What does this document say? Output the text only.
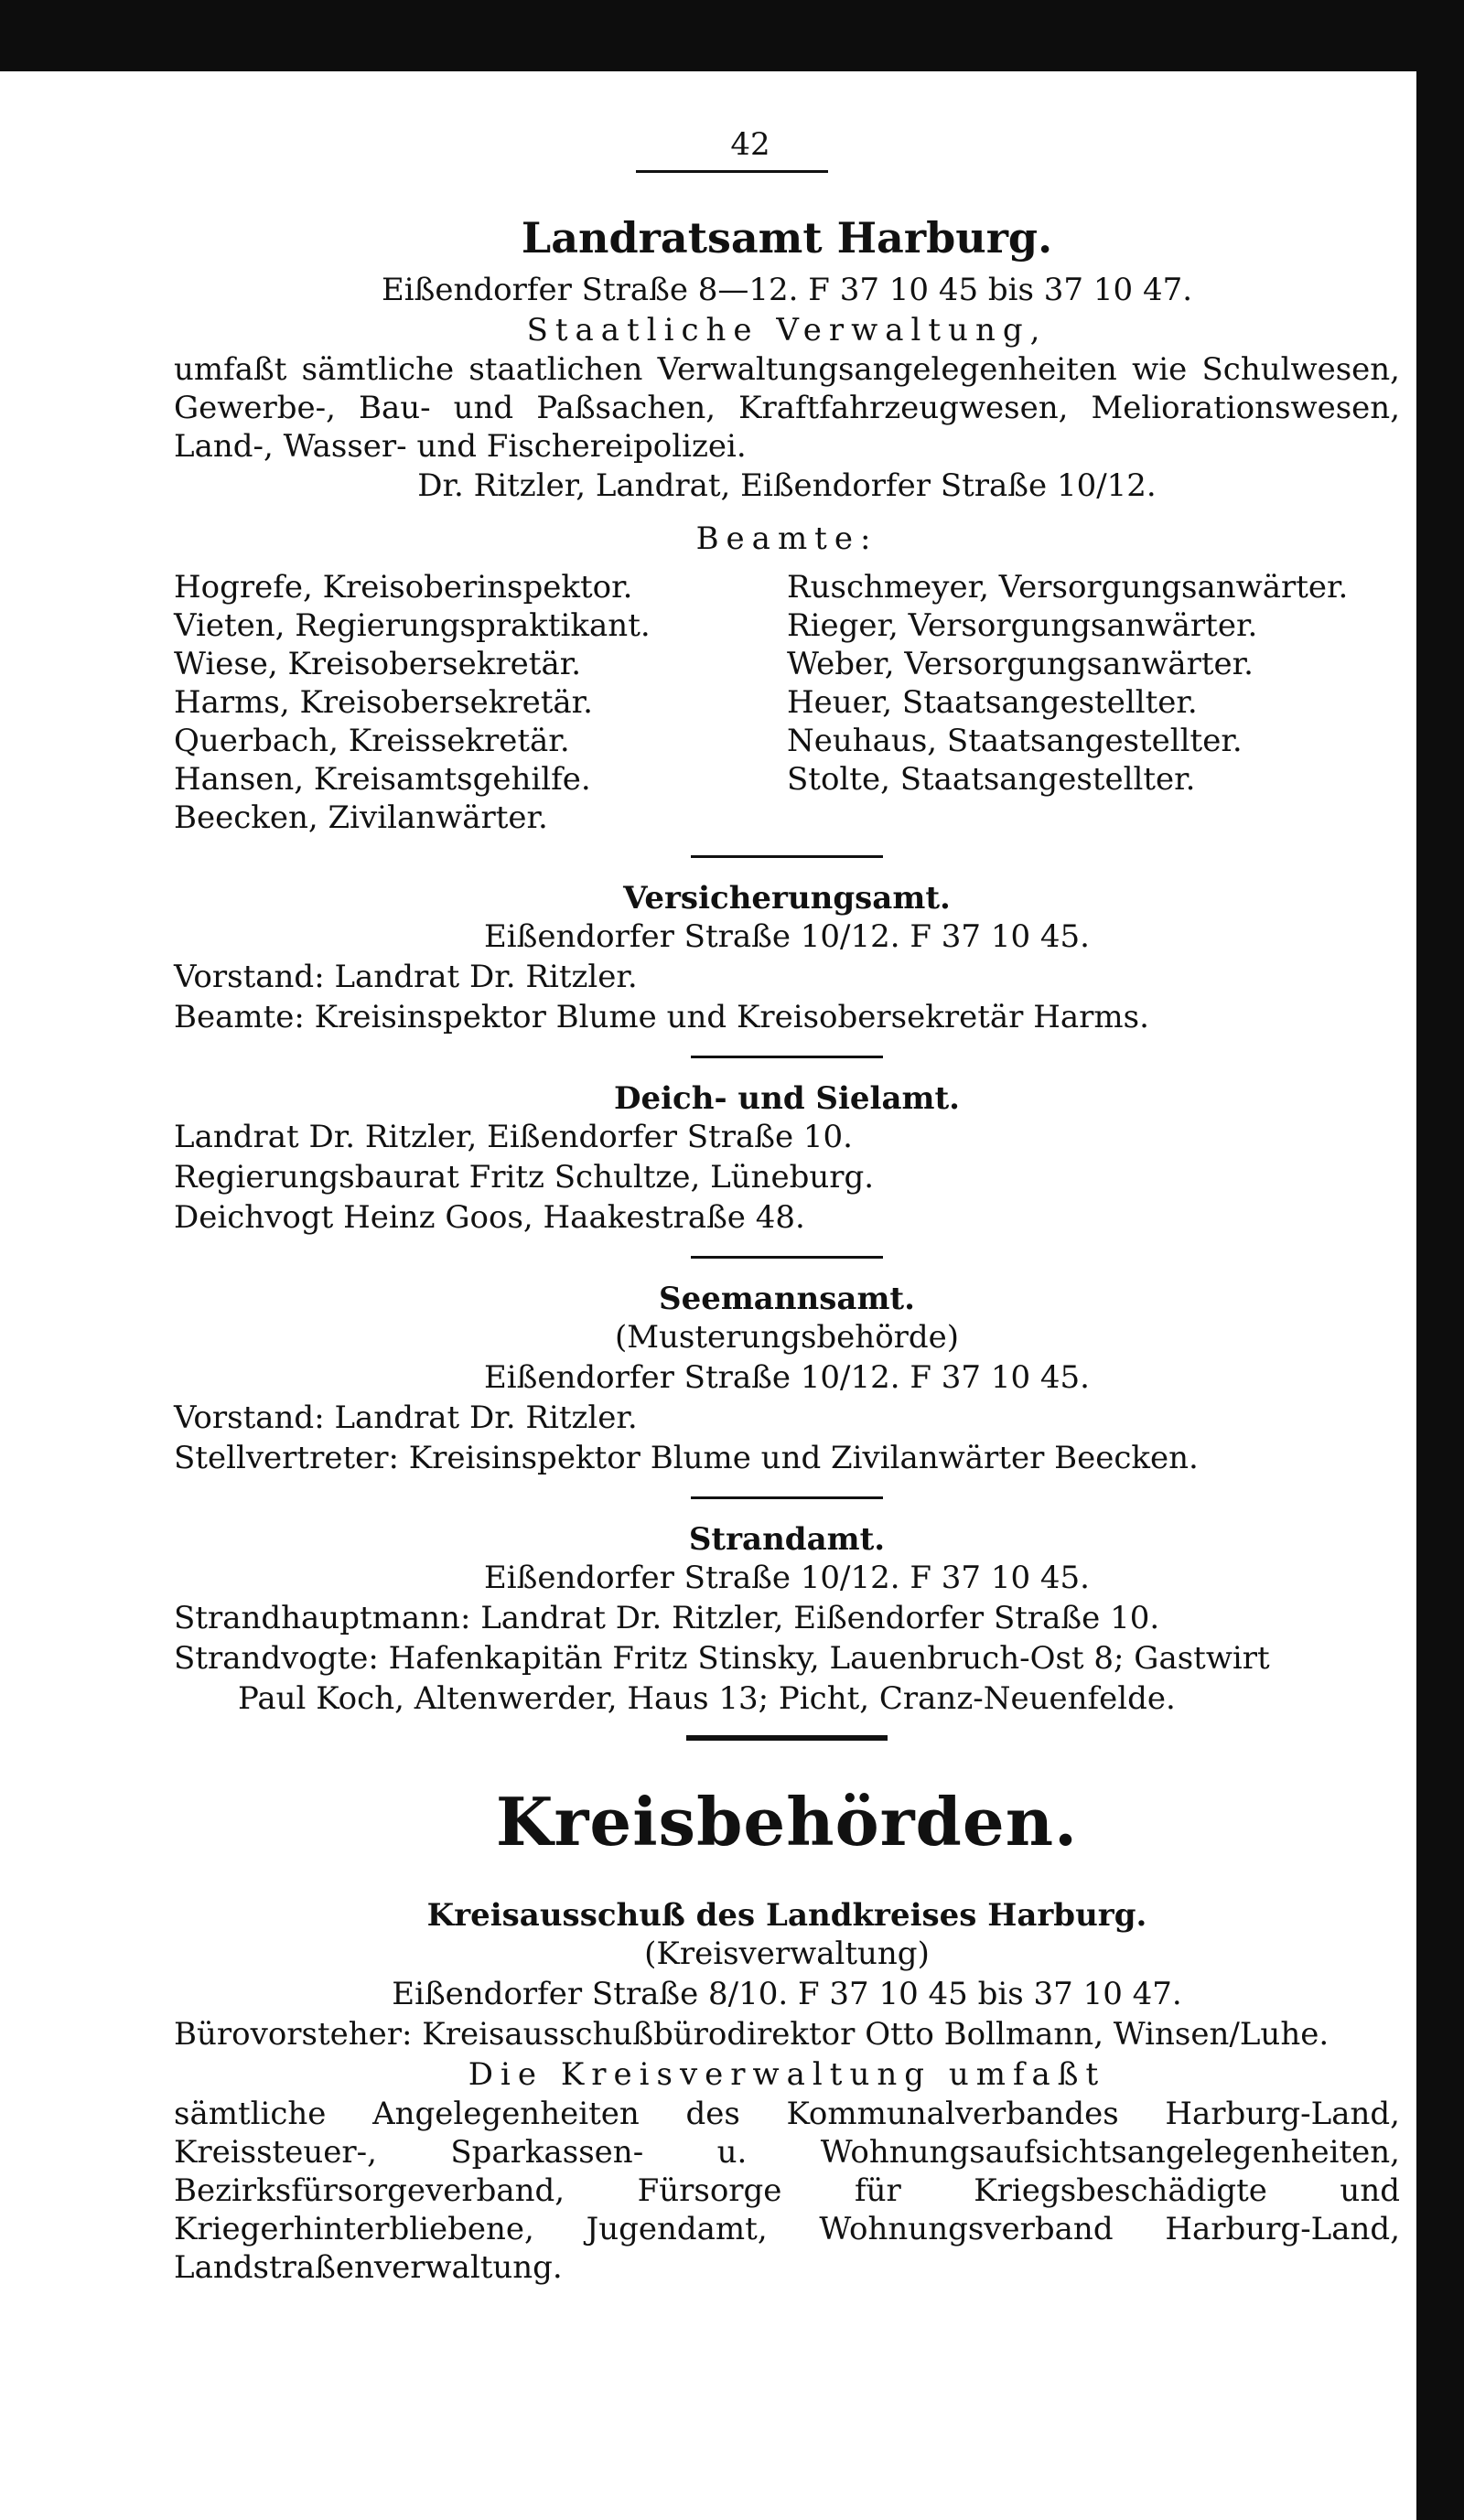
42
Landratsamt Harburg.
Eißendorfer Straße 8—12. F 37 10 45 bis 37 10 47.
Staatliche Verwaltung,
umfaßt sämtliche staatlichen Verwaltungsangelegenheiten wie Schulwesen, Gewerbe-, Bau- und Paßsachen, Kraftfahrzeugwesen, Meliorationswesen, Land-, Wasser- und Fischereipolizei.
Dr. Ritzler, Landrat, Eißendorfer Straße 10/12.
Beamte:
Hogrefe, Kreisoberinspektor.
Vieten, Regierungspraktikant.
Wiese, Kreisobersekretär.
Harms, Kreisobersekretär.
Querbach, Kreissekretär.
Hansen, Kreisamtsgehilfe.
Beecken, Zivilanwärter.
Ruschmeyer, Versorgungsanwärter.
Rieger, Versorgungsanwärter.
Weber, Versorgungsanwärter.
Heuer, Staatsangestellter.
Neuhaus, Staatsangestellter.
Stolte, Staatsangestellter.
Versicherungsamt.
Eißendorfer Straße 10/12. F 37 10 45.
Vorstand: Landrat Dr. Ritzler.
Beamte: Kreisinspektor Blume und Kreisobersekretär Harms.
Deich- und Sielamt.
Landrat Dr. Ritzler, Eißendorfer Straße 10.
Regierungsbaurat Fritz Schultze, Lüneburg.
Deichvogt Heinz Goos, Haakestraße 48.
Seemannsamt.
(Musterungsbehörde)
Eißendorfer Straße 10/12. F 37 10 45.
Vorstand: Landrat Dr. Ritzler.
Stellvertreter: Kreisinspektor Blume und Zivilanwärter Beecken.
Strandamt.
Eißendorfer Straße 10/12. F 37 10 45.
Strandhauptmann: Landrat Dr. Ritzler, Eißendorfer Straße 10.
Strandvogte: Hafenkapitän Fritz Stinsky, Lauenbruch-Ost 8; Gastwirt
Paul Koch, Altenwerder, Haus 13; Picht, Cranz-Neuenfelde.
Kreisbehörden.
Kreisausschuß des Landkreises Harburg.
(Kreisverwaltung)
Eißendorfer Straße 8/10. F 37 10 45 bis 37 10 47.
Bürovorsteher: Kreisausschußbürodirektor Otto Bollmann, Winsen/Luhe.
Die Kreisverwaltung umfaßt
sämtliche Angelegenheiten des Kommunalverbandes Harburg-Land, Kreissteuer-, Sparkassen- u. Wohnungsaufsichtsangelegenheiten, Bezirksfürsorgeverband, Fürsorge für Kriegsbeschädigte und Kriegerhinterbliebene, Jugendamt, Wohnungsverband Harburg-Land, Landstraßenverwaltung.
